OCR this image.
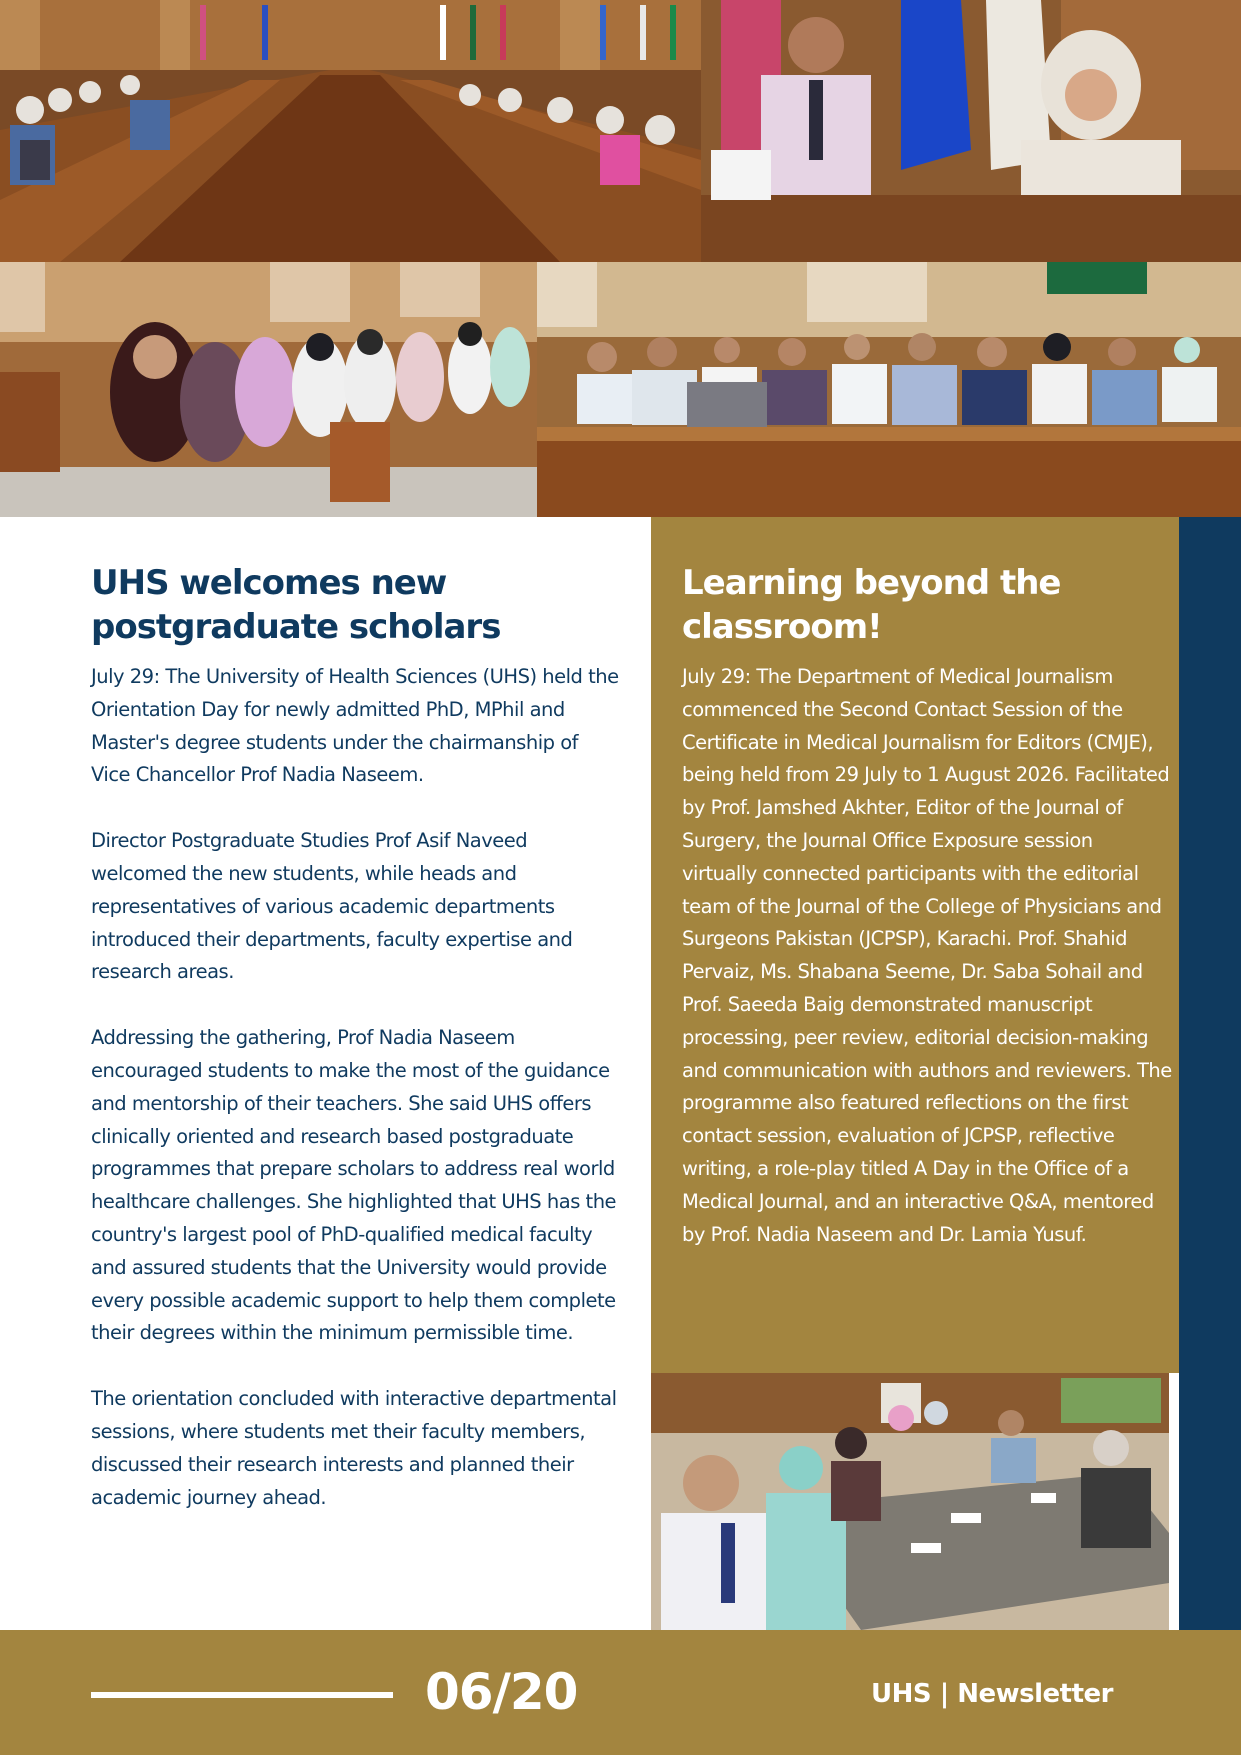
UHS welcomes new postgraduate scholars

July 29: The University of Health Sciences (UHS) held the Orientation Day for newly admitted PhD, MPhil and Master's degree students under the chairmanship of Vice Chancellor Prof Nadia Naseem.

Director Postgraduate Studies Prof Asif Naveed welcomed the new students, while heads and representatives of various academic departments introduced their departments, faculty expertise and research areas.

Addressing the gathering, Prof Nadia Naseem encouraged students to make the most of the guidance and mentorship of their teachers. She said UHS offers clinically oriented and research based postgraduate programmes that prepare scholars to address real world healthcare challenges. She highlighted that UHS has the country's largest pool of PhD-qualified medical faculty and assured students that the University would provide every possible academic support to help them complete their degrees within the minimum permissible time.

The orientation concluded with interactive departmental sessions, where students met their faculty members, discussed their research interests and planned their academic journey ahead.

Learning beyond the classroom!

July 29: The Department of Medical Journalism commenced the Second Contact Session of the Certificate in Medical Journalism for Editors (CMJE), being held from 29 July to 1 August 2026. Facilitated by Prof. Jamshed Akhter, Editor of the Journal of Surgery, the Journal Office Exposure session virtually connected participants with the editorial team of the Journal of the College of Physicians and Surgeons Pakistan (JCPSP), Karachi. Prof. Shahid Pervaiz, Ms. Shabana Seeme, Dr. Saba Sohail and Prof. Saeeda Baig demonstrated manuscript processing, peer review, editorial decision-making and communication with authors and reviewers. The programme also featured reflections on the first contact session, evaluation of JCPSP, reflective writing, a role-play titled A Day in the Office of a Medical Journal, and an interactive Q&A, mentored by Prof. Nadia Naseem and Dr. Lamia Yusuf.

06/20	UHS | Newsletter
